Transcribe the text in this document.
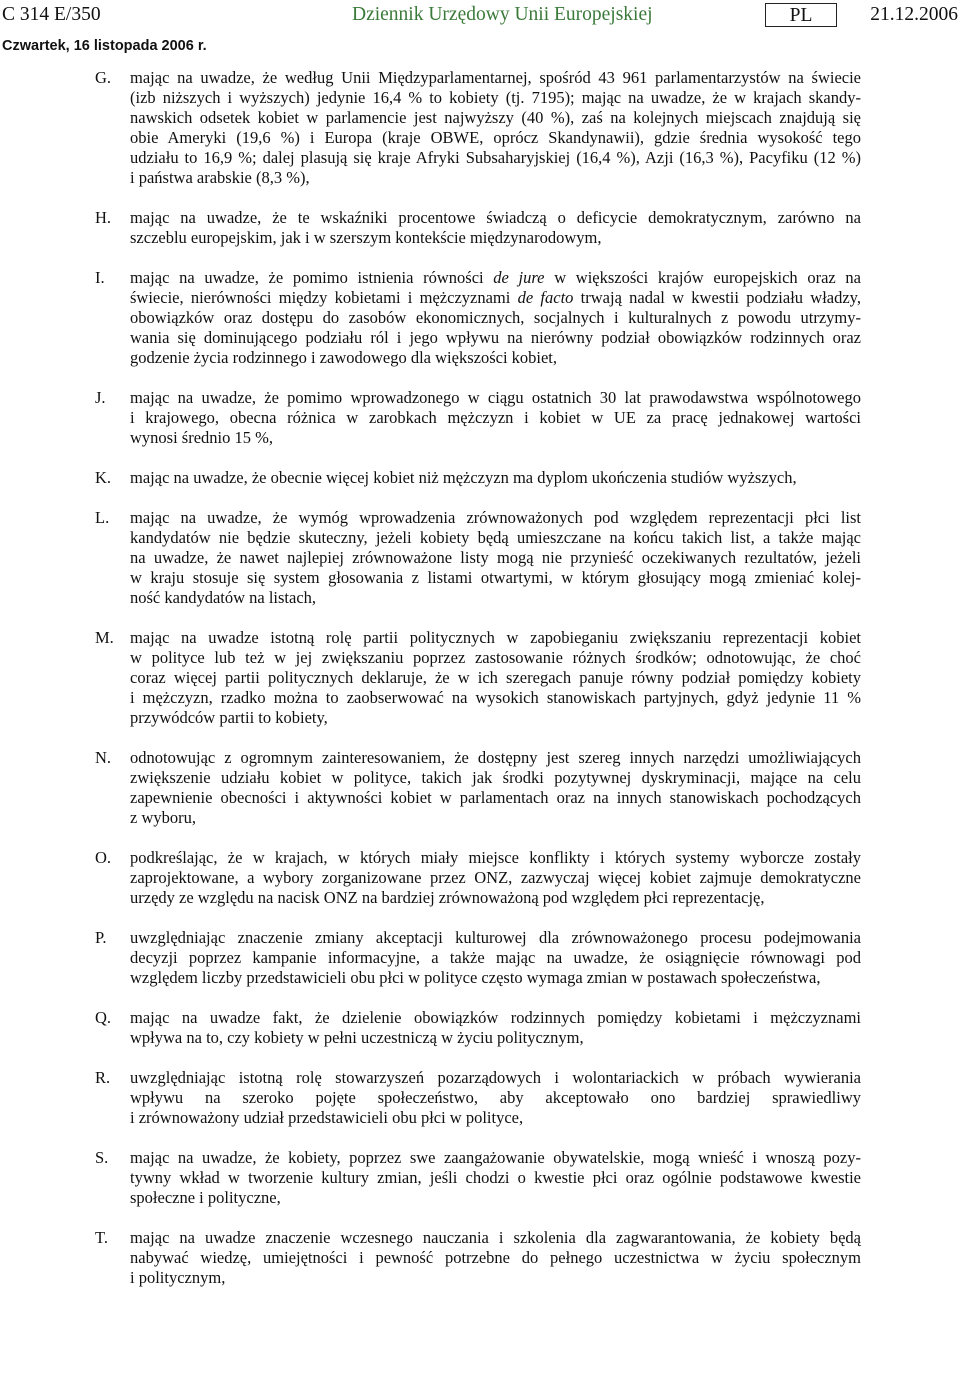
C 314 E/350	Dziennik Urzędowy Unii Europejskiej	PL	21.12.2006
Czwartek, 16 listopada 2006 r.
G. mając na uwadze, że według Unii Międzyparlamentarnej, spośród 43 961 parlamentarzystów na świecie
(izb niższych i wyższych) jedynie 16,4 % to kobiety (tj. 7195); mając na uwadze, że w krajach skandy-
nawskich odsetek kobiet w parlamencie jest najwyższy (40 %), zaś na kolejnych miejscach znajdują się
obie Ameryki (19,6 %) i Europa (kraje OBWE, oprócz Skandynawii), gdzie średnia wysokość tego
udziału to 16,9 %; dalej plasują się kraje Afryki Subsaharyjskiej (16,4 %), Azji (16,3 %), Pacyfiku (12 %)
i państwa arabskie (8,3 %),

H. mając na uwadze, że te wskaźniki procentowe świadczą o deficycie demokratycznym, zarówno na
szczeblu europejskim, jak i w szerszym kontekście międzynarodowym,

I. mając na uwadze, że pomimo istnienia równości de jure w większości krajów europejskich oraz na
świecie, nierówności między kobietami i mężczyznami de facto trwają nadal w kwestii podziału władzy,
obowiązków oraz dostępu do zasobów ekonomicznych, socjalnych i kulturalnych z powodu utrzymy-
wania się dominującego podziału ról i jego wpływu na nierówny podział obowiązków rodzinnych oraz
godzenie życia rodzinnego i zawodowego dla większości kobiet,

J. mając na uwadze, że pomimo wprowadzonego w ciągu ostatnich 30 lat prawodawstwa wspólnotowego
i krajowego, obecna różnica w zarobkach mężczyzn i kobiet w UE za pracę jednakowej wartości
wynosi średnio 15 %,

K. mając na uwadze, że obecnie więcej kobiet niż mężczyzn ma dyplom ukończenia studiów wyższych,

L. mając na uwadze, że wymóg wprowadzenia zrównoważonych pod względem reprezentacji płci list
kandydatów nie będzie skuteczny, jeżeli kobiety będą umieszczane na końcu takich list, a także mając
na uwadze, że nawet najlepiej zrównoważone listy mogą nie przynieść oczekiwanych rezultatów, jeżeli
w kraju stosuje się system głosowania z listami otwartymi, w którym głosujący mogą zmieniać kolej-
ność kandydatów na listach,

M. mając na uwadze istotną rolę partii politycznych w zapobieganiu zwiększaniu reprezentacji kobiet
w polityce lub też w jej zwiększaniu poprzez zastosowanie różnych środków; odnotowując, że choć
coraz więcej partii politycznych deklaruje, że w ich szeregach panuje równy podział pomiędzy kobiety
i mężczyzn, rzadko można to zaobserwować na wysokich stanowiskach partyjnych, gdyż jedynie 11 %
przywódców partii to kobiety,

N. odnotowując z ogromnym zainteresowaniem, że dostępny jest szereg innych narzędzi umożliwiających
zwiększenie udziału kobiet w polityce, takich jak środki pozytywnej dyskryminacji, mające na celu
zapewnienie obecności i aktywności kobiet w parlamentach oraz na innych stanowiskach pochodzących
z wyboru,

O. podkreślając, że w krajach, w których miały miejsce konflikty i których systemy wyborcze zostały
zaprojektowane, a wybory zorganizowane przez ONZ, zazwyczaj więcej kobiet zajmuje demokratyczne
urzędy ze względu na nacisk ONZ na bardziej zrównoważoną pod względem płci reprezentację,

P. uwzględniając znaczenie zmiany akceptacji kulturowej dla zrównoważonego procesu podejmowania
decyzji poprzez kampanie informacyjne, a także mając na uwadze, że osiągnięcie równowagi pod
względem liczby przedstawicieli obu płci w polityce często wymaga zmian w postawach społeczeństwa,

Q. mając na uwadze fakt, że dzielenie obowiązków rodzinnych pomiędzy kobietami i mężczyznami
wpływa na to, czy kobiety w pełni uczestniczą w życiu politycznym,

R. uwzględniając istotną rolę stowarzyszeń pozarządowych i wolontariackich w próbach wywierania
wpływu na szeroko pojęte społeczeństwo, aby akceptowało ono bardziej sprawiedliwy
i zrównoważony udział przedstawicieli obu płci w polityce,

S. mając na uwadze, że kobiety, poprzez swe zaangażowanie obywatelskie, mogą wnieść i wnoszą pozy-
tywny wkład w tworzenie kultury zmian, jeśli chodzi o kwestie płci oraz ogólnie podstawowe kwestie
społeczne i polityczne,

T. mając na uwadze znaczenie wczesnego nauczania i szkolenia dla zagwarantowania, że kobiety będą
nabywać wiedzę, umiejętności i pewność potrzebne do pełnego uczestnictwa w życiu społecznym
i politycznym,
